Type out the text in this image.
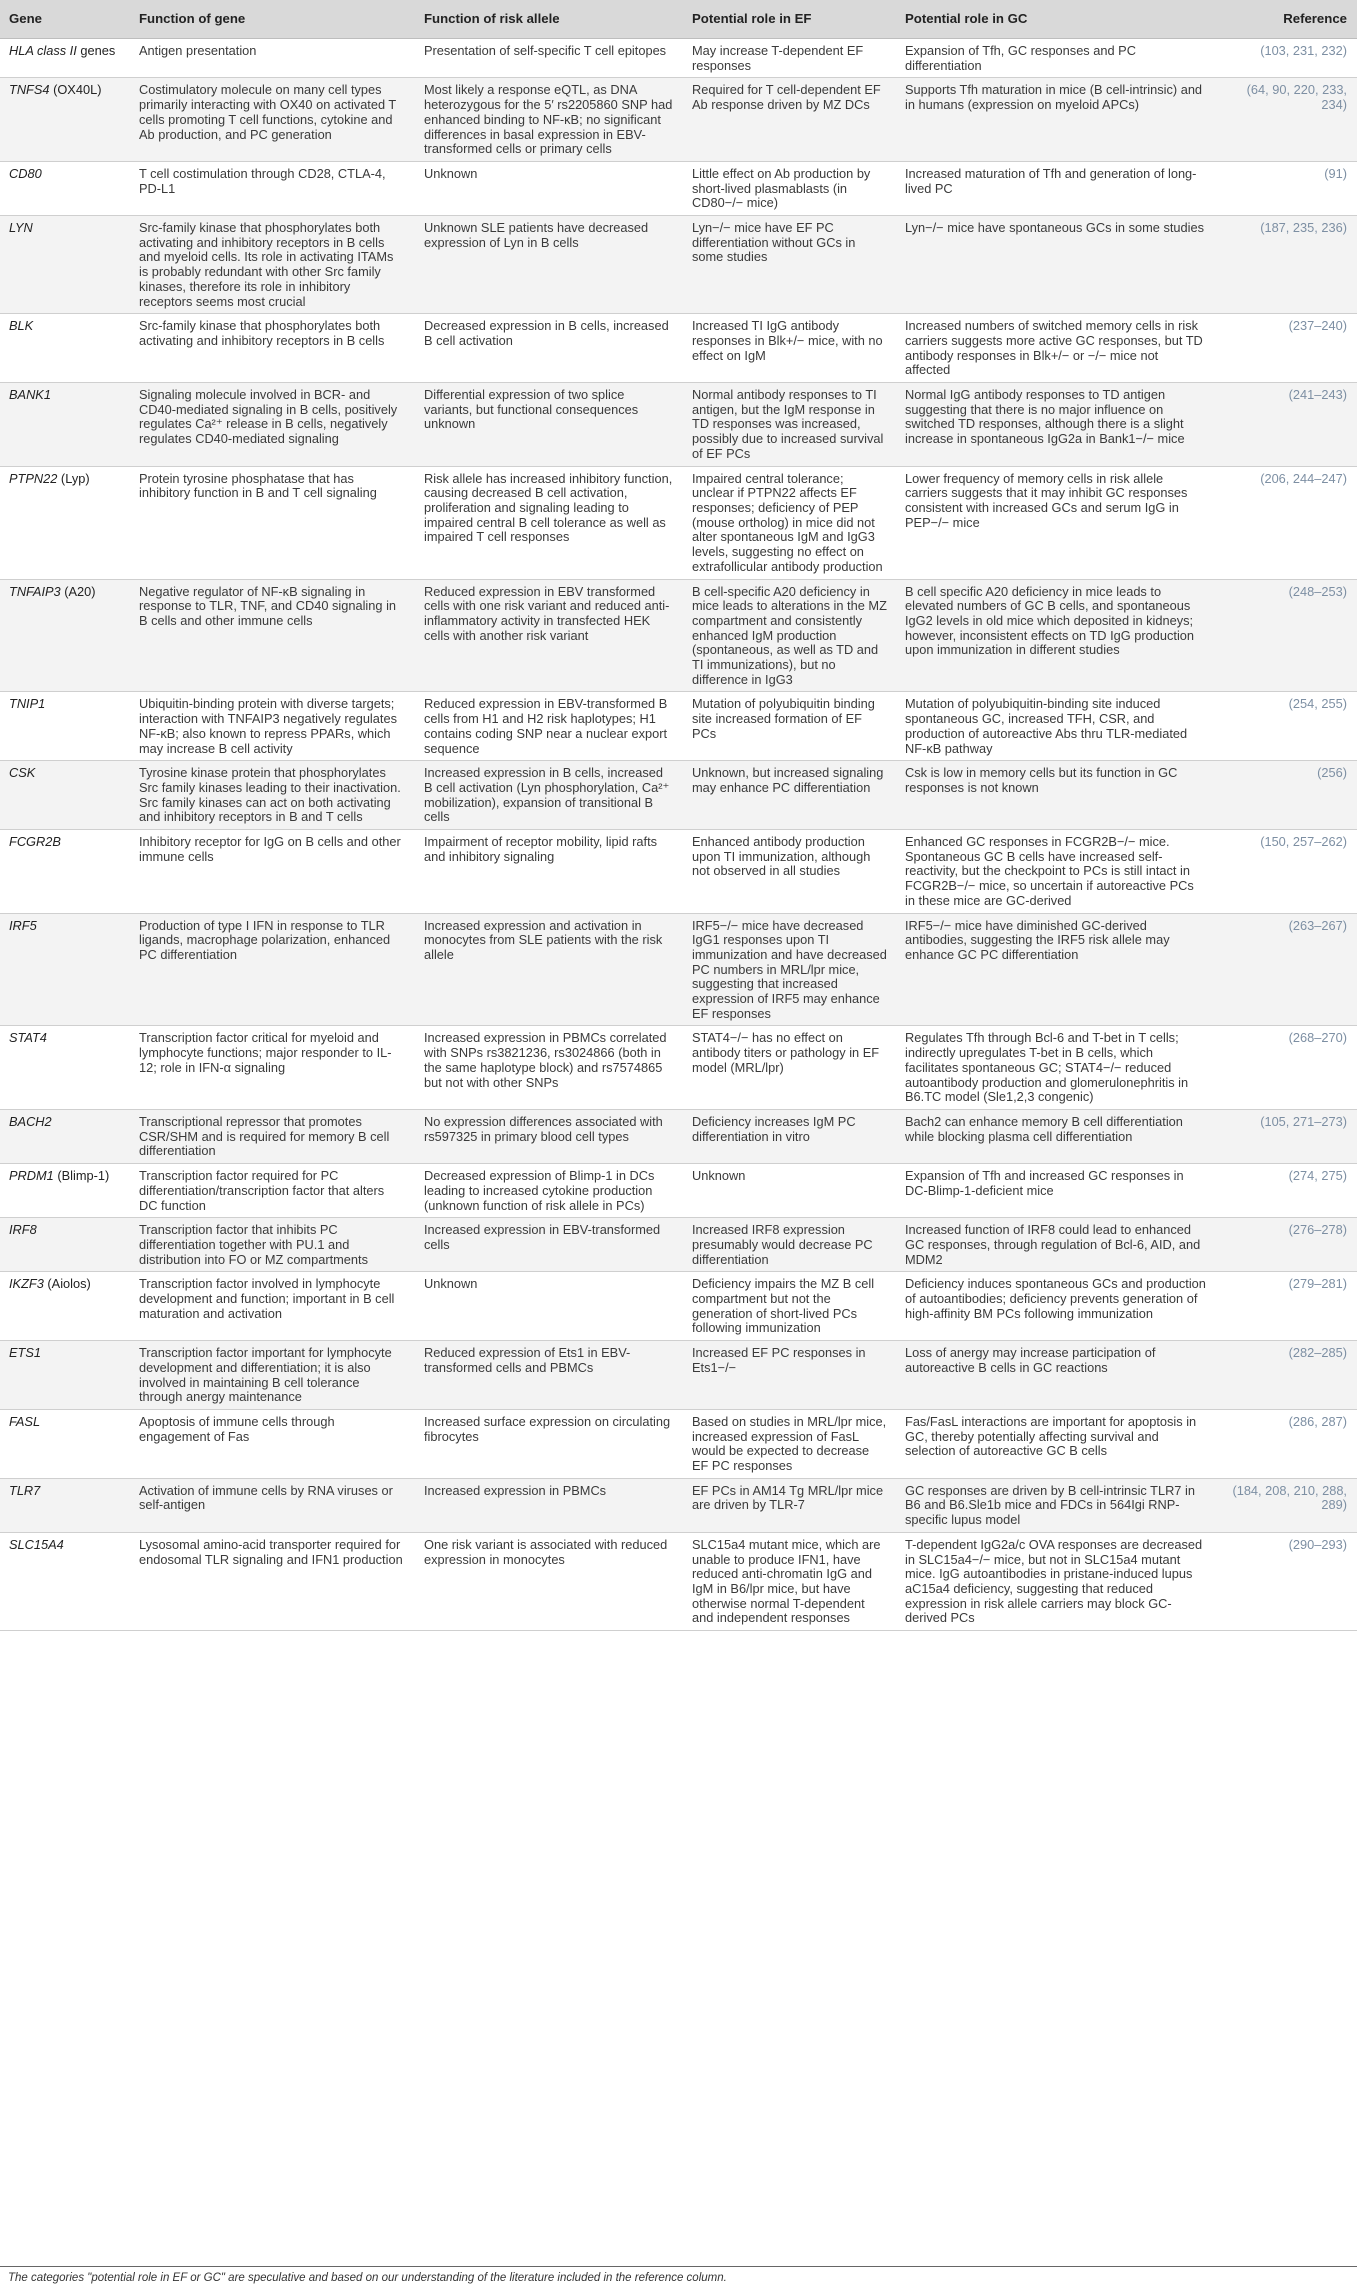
Gene	Function of gene	Function of risk allele	Potential role in EF	Potential role in GC	Reference
HLA class II genes	Antigen presentation	Presentation of self-specific T cell epitopes	May increase T-dependent EF responses	Expansion of Tfh, GC responses and PC differentiation	(103, 231, 232)
TNFS4 (OX40L)	Costimulatory molecule on many cell types primarily interacting with OX40 on activated T cells promoting T cell functions, cytokine and Ab production, and PC generation	Most likely a response eQTL, as DNA heterozygous for the 5′ rs2205860 SNP had enhanced binding to NF-κB; no significant differences in basal expression in EBV-transformed cells or primary cells	Required for T cell-dependent EF Ab response driven by MZ DCs	Supports Tfh maturation in mice (B cell-intrinsic) and in humans (expression on myeloid APCs)	(64, 90, 220, 233, 234)
CD80	T cell costimulation through CD28, CTLA-4, PD-L1	Unknown	Little effect on Ab production by short-lived plasmablasts (in CD80−/− mice)	Increased maturation of Tfh and generation of long-lived PC	(91)
LYN	Src-family kinase that phosphorylates both activating and inhibitory receptors in B cells and myeloid cells. Its role in activating ITAMs is probably redundant with other Src family kinases, therefore its role in inhibitory receptors seems most crucial	Unknown SLE patients have decreased expression of Lyn in B cells	Lyn−/− mice have EF PC differentiation without GCs in some studies	Lyn−/− mice have spontaneous GCs in some studies	(187, 235, 236)
BLK	Src-family kinase that phosphorylates both activating and inhibitory receptors in B cells	Decreased expression in B cells, increased B cell activation	Increased TI IgG antibody responses in Blk+/− mice, with no effect on IgM	Increased numbers of switched memory cells in risk carriers suggests more active GC responses, but TD antibody responses in Blk+/− or −/− mice not affected	(237–240)
BANK1	Signaling molecule involved in BCR- and CD40-mediated signaling in B cells, positively regulates Ca²⁺ release in B cells, negatively regulates CD40-mediated signaling	Differential expression of two splice variants, but functional consequences unknown	Normal antibody responses to TI antigen, but the IgM response in TD responses was increased, possibly due to increased survival of EF PCs	Normal IgG antibody responses to TD antigen suggesting that there is no major influence on switched TD responses, although there is a slight increase in spontaneous IgG2a in Bank1−/− mice	(241–243)
PTPN22 (Lyp)	Protein tyrosine phosphatase that has inhibitory function in B and T cell signaling	Risk allele has increased inhibitory function, causing decreased B cell activation, proliferation and signaling leading to impaired central B cell tolerance as well as impaired T cell responses	Impaired central tolerance; unclear if PTPN22 affects EF responses; deficiency of PEP (mouse ortholog) in mice did not alter spontaneous IgM and IgG3 levels, suggesting no effect on extrafollicular antibody production	Lower frequency of memory cells in risk allele carriers suggests that it may inhibit GC responses consistent with increased GCs and serum IgG in PEP−/− mice	(206, 244–247)
TNFAIP3 (A20)	Negative regulator of NF-κB signaling in response to TLR, TNF, and CD40 signaling in B cells and other immune cells	Reduced expression in EBV transformed cells with one risk variant and reduced anti-inflammatory activity in transfected HEK cells with another risk variant	B cell-specific A20 deficiency in mice leads to alterations in the MZ compartment and consistently enhanced IgM production (spontaneous, as well as TD and TI immunizations), but no difference in IgG3	B cell specific A20 deficiency in mice leads to elevated numbers of GC B cells, and spontaneous IgG2 levels in old mice which deposited in kidneys; however, inconsistent effects on TD IgG production upon immunization in different studies	(248–253)
TNIP1	Ubiquitin-binding protein with diverse targets; interaction with TNFAIP3 negatively regulates NF-κB; also known to repress PPARs, which may increase B cell activity	Reduced expression in EBV-transformed B cells from H1 and H2 risk haplotypes; H1 contains coding SNP near a nuclear export sequence	Mutation of polyubiquitin binding site increased formation of EF PCs	Mutation of polyubiquitin-binding site induced spontaneous GC, increased TFH, CSR, and production of autoreactive Abs thru TLR-mediated NF-κB pathway	(254, 255)
CSK	Tyrosine kinase protein that phosphorylates Src family kinases leading to their inactivation. Src family kinases can act on both activating and inhibitory receptors in B and T cells	Increased expression in B cells, increased B cell activation (Lyn phosphorylation, Ca²⁺ mobilization), expansion of transitional B cells	Unknown, but increased signaling may enhance PC differentiation	Csk is low in memory cells but its function in GC responses is not known	(256)
FCGR2B	Inhibitory receptor for IgG on B cells and other immune cells	Impairment of receptor mobility, lipid rafts and inhibitory signaling	Enhanced antibody production upon TI immunization, although not observed in all studies	Enhanced GC responses in FCGR2B−/− mice. Spontaneous GC B cells have increased self-reactivity, but the checkpoint to PCs is still intact in FCGR2B−/− mice, so uncertain if autoreactive PCs in these mice are GC-derived	(150, 257–262)
IRF5	Production of type I IFN in response to TLR ligands, macrophage polarization, enhanced PC differentiation	Increased expression and activation in monocytes from SLE patients with the risk allele	IRF5−/− mice have decreased IgG1 responses upon TI immunization and have decreased PC numbers in MRL/lpr mice, suggesting that increased expression of IRF5 may enhance EF responses	IRF5−/− mice have diminished GC-derived antibodies, suggesting the IRF5 risk allele may enhance GC PC differentiation	(263–267)
STAT4	Transcription factor critical for myeloid and lymphocyte functions; major responder to IL-12; role in IFN-α signaling	Increased expression in PBMCs correlated with SNPs rs3821236, rs3024866 (both in the same haplotype block) and rs7574865 but not with other SNPs	STAT4−/− has no effect on antibody titers or pathology in EF model (MRL/lpr)	Regulates Tfh through Bcl-6 and T-bet in T cells; indirectly upregulates T-bet in B cells, which facilitates spontaneous GC; STAT4−/− reduced autoantibody production and glomerulonephritis in B6.TC model (Sle1,2,3 congenic)	(268–270)
BACH2	Transcriptional repressor that promotes CSR/SHM and is required for memory B cell differentiation	No expression differences associated with rs597325 in primary blood cell types	Deficiency increases IgM PC differentiation in vitro	Bach2 can enhance memory B cell differentiation while blocking plasma cell differentiation	(105, 271–273)
PRDM1 (Blimp-1)	Transcription factor required for PC differentiation/transcription factor that alters DC function	Decreased expression of Blimp-1 in DCs leading to increased cytokine production (unknown function of risk allele in PCs)	Unknown	Expansion of Tfh and increased GC responses in DC-Blimp-1-deficient mice	(274, 275)
IRF8	Transcription factor that inhibits PC differentiation together with PU.1 and distribution into FO or MZ compartments	Increased expression in EBV-transformed cells	Increased IRF8 expression presumably would decrease PC differentiation	Increased function of IRF8 could lead to enhanced GC responses, through regulation of Bcl-6, AID, and MDM2	(276–278)
IKZF3 (Aiolos)	Transcription factor involved in lymphocyte development and function; important in B cell maturation and activation	Unknown	Deficiency impairs the MZ B cell compartment but not the generation of short-lived PCs following immunization	Deficiency induces spontaneous GCs and production of autoantibodies; deficiency prevents generation of high-affinity BM PCs following immunization	(279–281)
ETS1	Transcription factor important for lymphocyte development and differentiation; it is also involved in maintaining B cell tolerance through anergy maintenance	Reduced expression of Ets1 in EBV-transformed cells and PBMCs	Increased EF PC responses in Ets1−/−	Loss of anergy may increase participation of autoreactive B cells in GC reactions	(282–285)
FASL	Apoptosis of immune cells through engagement of Fas	Increased surface expression on circulating fibrocytes	Based on studies in MRL/lpr mice, increased expression of FasL would be expected to decrease EF PC responses	Fas/FasL interactions are important for apoptosis in GC, thereby potentially affecting survival and selection of autoreactive GC B cells	(286, 287)
TLR7	Activation of immune cells by RNA viruses or self-antigen	Increased expression in PBMCs	EF PCs in AM14 Tg MRL/lpr mice are driven by TLR-7	GC responses are driven by B cell-intrinsic TLR7 in B6 and B6.Sle1b mice and FDCs in 564Igi RNP-specific lupus model	(184, 208, 210, 288, 289)
SLC15A4	Lysosomal amino-acid transporter required for endosomal TLR signaling and IFN1 production	One risk variant is associated with reduced expression in monocytes	SLC15a4 mutant mice, which are unable to produce IFN1, have reduced anti-chromatin IgG and IgM in B6/lpr mice, but have otherwise normal T-dependent and independent responses	T-dependent IgG2a/c OVA responses are decreased in SLC15a4−/− mice, but not in SLC15a4 mutant mice. IgG autoantibodies in pristane-induced lupus aC15a4 deficiency, suggesting that reduced expression in risk allele carriers may block GC-derived PCs	(290–293)
The categories "potential role in EF or GC" are speculative and based on our understanding of the literature included in the reference column.
